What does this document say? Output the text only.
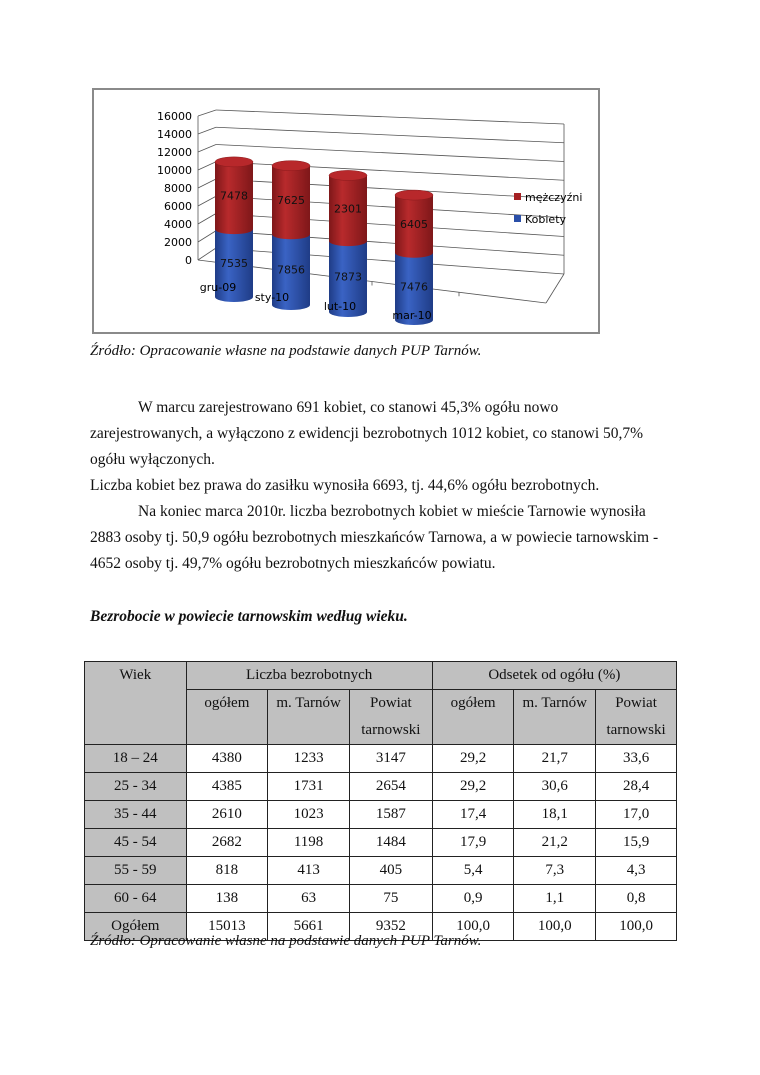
0
2000
4000
6000
8000
10000
12000
14000
16000
7535
7478
gru-09
7856
7625
sty-10
7873
2301
lut-10
7476
6405
mar-10
mężczyźni
Kobiety
Źródło: Opracowanie własne na podstawie danych PUP Tarnów.
W marcu zarejestrowano 691 kobiet, co stanowi 45,3% ogółu nowo zarejestrowanych, a wyłączono z ewidencji bezrobotnych 1012 kobiet, co stanowi 50,7% ogółu wyłączonych.
Liczba kobiet bez prawa do zasiłku wynosiła 6693, tj. 44,6% ogółu bezrobotnych.
Na koniec marca 2010r. liczba bezrobotnych kobiet w mieście Tarnowie wynosiła 2883 osoby tj. 50,9 ogółu bezrobotnych mieszkańców Tarnowa, a w powiecie tarnowskim - 4652 osoby tj. 49,7% ogółu bezrobotnych mieszkańców powiatu.
Bezrobocie w powiecie tarnowskim według wieku.
Wiek	Liczba bezrobotnych			Odsetek od ogółu (%)		
	ogółem	m. Tarnów	Powiat tarnowski	ogółem	m. Tarnów	Powiat tarnowski
18 – 24	4380	1233	3147	29,2	21,7	33,6
25 - 34	4385	1731	2654	29,2	30,6	28,4
35 - 44	2610	1023	1587	17,4	18,1	17,0
45 - 54	2682	1198	1484	17,9	21,2	15,9
55 - 59	818	413	405	5,4	7,3	4,3
60 - 64	138	63	75	0,9	1,1	0,8
Ogółem	15013	5661	9352	100,0	100,0	100,0
Źródło: Opracowanie własne na podstawie danych PUP Tarnów.
